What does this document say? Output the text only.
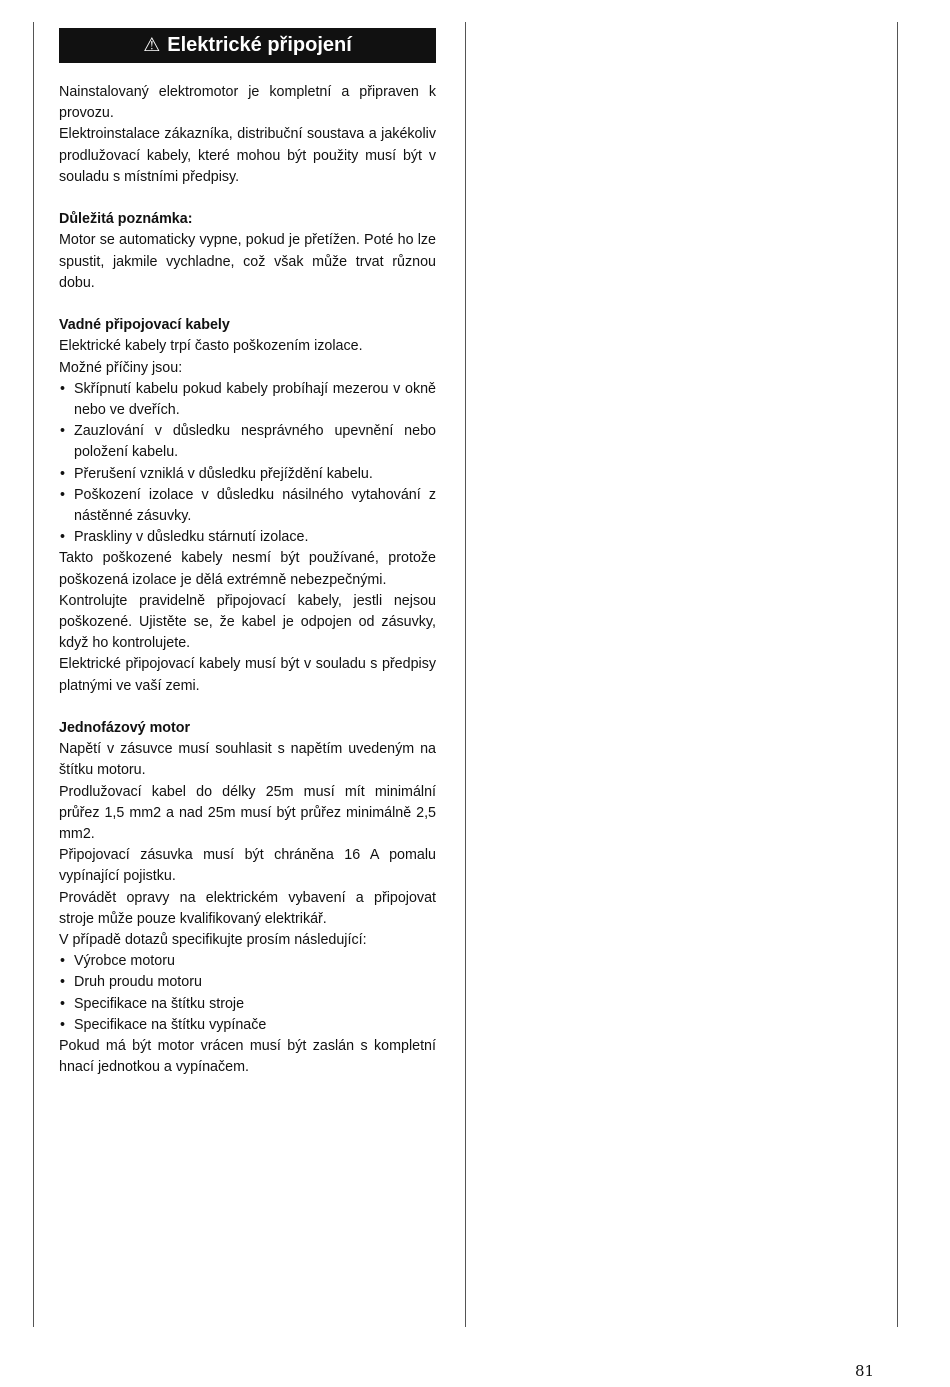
⚠ Elektrické připojení

Nainstalovaný elektromotor je kompletní a připraven k provozu.

Elektroinstalace zákazníka, distribuční soustava a jakékoliv prodlužovací kabely, které mohou být použity musí být v souladu s místními předpisy.

Důležitá poznámka:

Motor se automaticky vypne, pokud je přetížen. Poté ho lze spustit, jakmile vychladne, což však může trvat různou dobu.

Vadné připojovací kabely

Elektrické kabely trpí často poškozením izolace.

Možné příčiny jsou:

• Skřípnutí kabelu pokud kabely probíhají mezerou v okně nebo ve dveřích.
• Zauzlování v důsledku nesprávného upevnění nebo položení kabelu.
• Přerušení vzniklá v důsledku přejíždění kabelu.
• Poškození izolace v důsledku násilného vytahování z nástěnné zásuvky.
• Praskliny v důsledku stárnutí izolace.

Takto poškozené kabely nesmí být používané, protože poškozená izolace je dělá extrémně nebezpečnými.

Kontrolujte pravidelně připojovací kabely, jestli nejsou poškozené. Ujistěte se, že kabel je odpojen od zásuvky, když ho kontrolujete.

Elektrické připojovací kabely musí být v souladu s předpisy platnými ve vaší zemi.

Jednofázový motor

Napětí v zásuvce musí souhlasit s napětím uvedeným na štítku motoru.

Prodlužovací kabel do délky 25m musí mít minimální průřez 1,5 mm2 a nad 25m musí být průřez minimálně 2,5 mm2.

Připojovací zásuvka musí být chráněna 16 A pomalu vypínající pojistku.

Provádět opravy na elektrickém vybavení a připojovat stroje může pouze kvalifikovaný elektrikář.

V případě dotazů specifikujte prosím následující:

• Výrobce motoru
• Druh proudu motoru
• Specifikace na štítku stroje
• Specifikace na štítku vypínače

Pokud má být motor vrácen musí být zaslán s kompletní hnací jednotkou a vypínačem.

81
